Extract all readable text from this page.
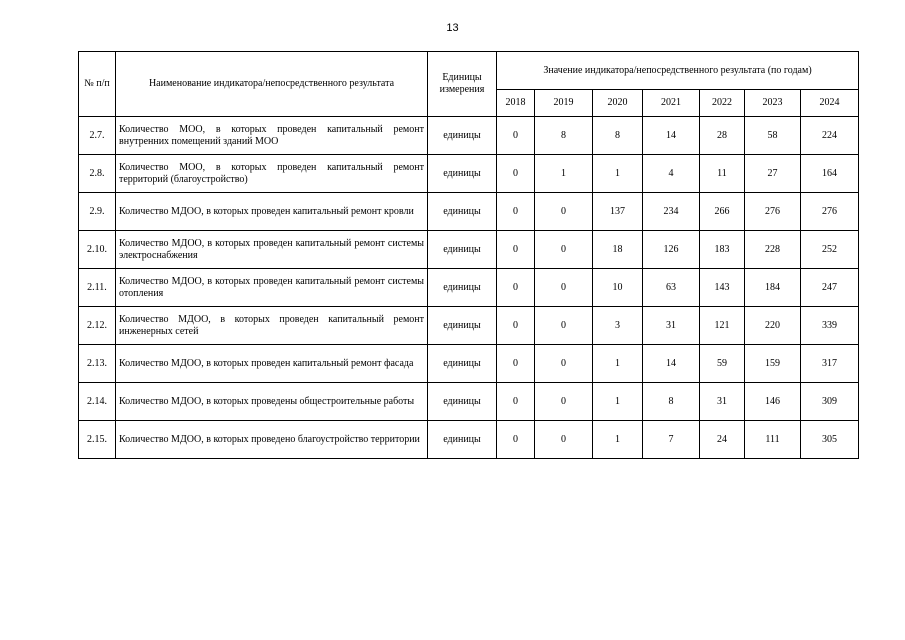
13
№ п/п	Наименование индикатора/непосредственного результата	Единицы измерения	Значение индикатора/непосредственного результата (по годам)						
			2018	2019	2020	2021	2022	2023	2024
2.7.	Количество МОО, в которых проведен капитальный ремонт внутренних помещений зданий МОО	единицы	0	8	8	14	28	58	224
2.8.	Количество МОО, в которых проведен капитальный ремонт территорий (благоустройство)	единицы	0	1	1	4	11	27	164
2.9.	Количество МДОО, в которых проведен капитальный ремонт кровли	единицы	0	0	137	234	266	276	276
2.10.	Количество МДОО, в которых проведен капитальный ремонт системы электроснабжения	единицы	0	0	18	126	183	228	252
2.11.	Количество МДОО, в которых проведен капитальный ремонт системы отопления	единицы	0	0	10	63	143	184	247
2.12.	Количество МДОО, в которых проведен капитальный ремонт инженерных сетей	единицы	0	0	3	31	121	220	339
2.13.	Количество МДОО, в которых проведен капитальный ремонт фасада	единицы	0	0	1	14	59	159	317
2.14.	Количество МДОО, в которых проведены общестроительные работы	единицы	0	0	1	8	31	146	309
2.15.	Количество МДОО, в которых проведено благоустройство территории	единицы	0	0	1	7	24	111	305
